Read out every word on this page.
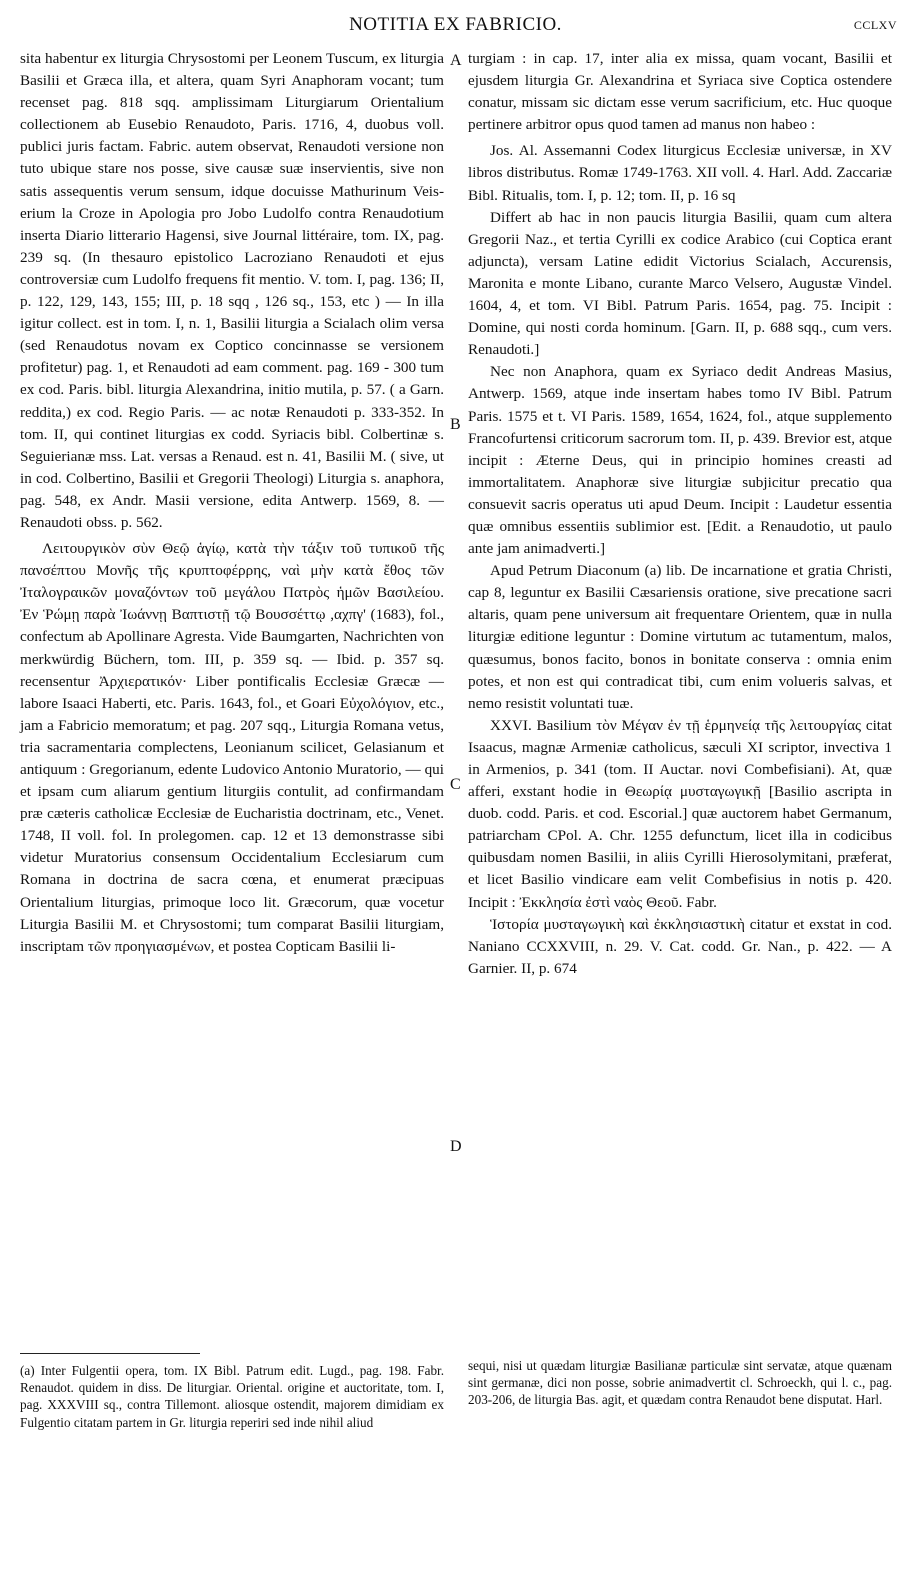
NOTITIA EX FABRICIO.	CCLXV

sita habentur ex liturgia Chrysostomi per Leonem Tuscum, ex liturgia Basilii et Græca illa, et altera, quam Syri Anaphoram vocant; tum recenset pag. 818 sqq. amplissimam Liturgiarum Orientalium collectionem ab Eusebio Renaudoto, Paris. 1716, 4, duobus voll. publici juris factam. Fabric. autem observat, Renaudoti versione non tuto ubique stare nos posse, sive causæ suæ inservientis, sive non satis assequentis verum sensum, idque docuisse Mathurinum Veis-erium la Croze in Apologia pro Jobo Ludolfo contra Renaudotium inserta Diario litterario Hagensi, sive Journal littéraire, tom. IX, pag. 239 sq. (In thesauro epistolico Lacroziano Renaudoti et ejus controversiæ cum Ludolfo frequens fit mentio. V. tom. I, pag. 136; II, p. 122, 129, 143, 155; III, p. 18 sqq , 126 sq., 153, etc ) — In illa igitur collect. est in tom. I, n. 1, Basilii liturgia a Scialach olim versa (sed Renaudotus novam ex Coptico concinnasse se versionem profitetur) pag. 1, et Renaudoti ad eam comment. pag. 169 - 300 tum ex cod. Paris. bibl. liturgia Alexandrina, initio mutila, p. 57. ( a Garn. reddita,) ex cod. Regio Paris. — ac notæ Renaudoti p. 333-352. In tom. II, qui continet liturgias ex codd. Syriacis bibl. Colbertinæ s. Seguierianæ mss. Lat. versas a Renaud. est n. 41, Basilii M. ( sive, ut in cod. Colbertino, Basilii et Gregorii Theologi) Liturgia s. anaphora, pag. 548, ex Andr. Masii versione, edita Antwerp. 1569, 8. — Renaudoti obss. p. 562.

Λειτουργικὸν σὺν Θεῷ ἁγίῳ, κατὰ τὴν τάξιν τοῦ τυπικοῦ τῆς πανσέπτου Μονῆς τῆς κρυπτοφέρρης, ναὶ μὴν κατὰ ἔθος τῶν Ἰταλογραικῶν μοναζόντων τοῦ μεγάλου Πατρὸς ἡμῶν Βασιλείου. Ἐν Ῥώμῃ παρὰ Ἰωάννῃ Βαπτιστῇ τῷ Βουσσέττῳ ,αχπγ' (1683), fol., confectum ab Apollinare Agresta. Vide Baumgarten, Nachrichten von merkwürdig Büchern, tom. III, p. 359 sq. — Ibid. p. 357 sq. recensentur Ἀρχιερατικόν· Liber pontificalis Ecclesiæ Græcæ — labore Isaaci Haberti, etc. Paris. 1643, fol., et Goari Εὐχολόγιον, etc., jam a Fabricio memoratum; et pag. 207 sqq., Liturgia Romana vetus, tria sacramentaria complectens, Leonianum scilicet, Gelasianum et antiquum : Gregorianum, edente Ludovico Antonio Muratorio, — qui et ipsam cum aliarum gentium liturgiis contulit, ad confirmandam præ cæteris catholicæ Ecclesiæ de Eucharistia doctrinam, etc., Venet. 1748, II voll. fol. In prolegomen. cap. 12 et 13 demonstrasse sibi videtur Muratorius consensum Occidentalium Ecclesiarum cum Romana in doctrina de sacra cœna, et enumerat præcipuas Orientalium liturgias, primoque loco lit. Græcorum, quæ vocetur Liturgia Basilii M. et Chrysostomi; tum comparat Basilii liturgiam, inscriptam τῶν προηγιασμένων, et postea Copticam Basilii li-

A
B
C
D

turgiam : in cap. 17, inter alia ex missa, quam vocant, Basilii et ejusdem liturgia Gr. Alexandrina et Syriaca sive Coptica ostendere conatur, missam sic dictam esse verum sacrificium, etc. Huc quoque pertinere arbitror opus quod tamen ad manus non habeo :

Jos. Al. Assemanni Codex liturgicus Ecclesiæ universæ, in XV libros distributus. Romæ 1749-1763. XII voll. 4. Harl. Add. Zaccariæ Bibl. Ritualis, tom. I, p. 12; tom. II, p. 16 sq

Differt ab hac in non paucis liturgia Basilii, quam cum altera Gregorii Naz., et tertia Cyrilli ex codice Arabico (cui Coptica erant adjuncta), versam Latine edidit Victorius Scialach, Accurensis, Maronita e monte Libano, curante Marco Velsero, Augustæ Vindel. 1604, 4, et tom. VI Bibl. Patrum Paris. 1654, pag. 75. Incipit : Domine, qui nosti corda hominum. [Garn. II, p. 688 sqq., cum vers. Renaudoti.]

Nec non Anaphora, quam ex Syriaco dedit Andreas Masius, Antwerp. 1569, atque inde insertam habes tomo IV Bibl. Patrum Paris. 1575 et t. VI Paris. 1589, 1654, 1624, fol., atque supplemento Francofurtensi criticorum sacrorum tom. II, p. 439. Brevior est, atque incipit : Æterne Deus, qui in principio homines creasti ad immortalitatem. Anaphoræ sive liturgiæ subjicitur precatio qua consuevit sacris operatus uti apud Deum. Incipit : Laudetur essentia quæ omnibus essentiis sublimior est. [Edit. a Renaudotio, ut paulo ante jam animadverti.]

Apud Petrum Diaconum (a) lib. De incarnatione et gratia Christi, cap 8, leguntur ex Basilii Cæsariensis oratione, sive precatione sacri altaris, quam pene universum ait frequentare Orientem, quæ in nulla liturgiæ editione leguntur : Domine virtutum ac tutamentum, malos, quæsumus, bonos facito, bonos in bonitate conserva : omnia enim potes, et non est qui contradicat tibi, cum enim volueris salvas, et nemo resistit voluntati tuæ.

XXVI. Basilium τὸν Μέγαν ἐν τῇ ἑρμηνείᾳ τῆς λειτουργίας citat Isaacus, magnæ Armeniæ catholicus, sæculi XI scriptor, invectiva 1 in Armenios, p. 341 (tom. II Auctar. novi Combefisiani). At, quæ afferi, exstant hodie in Θεωρίᾳ μυσταγωγικῇ [Basilio ascripta in duob. codd. Paris. et cod. Escorial.] quæ auctorem habet Germanum, patriarcham CPol. A. Chr. 1255 defunctum, licet illa in codicibus quibusdam nomen Basilii, in aliis Cyrilli Hierosolymitani, præferat, et licet Basilio vindicare eam velit Combefisius in notis p. 420. Incipit : Ἐκκλησία ἐστὶ ναὸς Θεοῦ. Fabr.

Ἱστορία μυσταγωγικὴ καὶ ἐκκλησιαστικὴ citatur et exstat in cod. Naniano CCXXVIII, n. 29. V. Cat. codd. Gr. Nan., p. 422. — A Garnier. II, p. 674

(a) Inter Fulgentii opera, tom. IX Bibl. Patrum edit. Lugd., pag. 198. Fabr. Renaudot. quidem in diss. De liturgiar. Oriental. origine et auctoritate, tom. I, pag. XXXVIII sq., contra Tillemont. aliosque ostendit, majorem dimidiam ex Fulgentio citatam partem in Gr. liturgia reperiri sed inde nihil aliud
sequi, nisi ut quædam liturgiæ Basilianæ particulæ sint servatæ, atque quænam sint germanæ, dici non posse, sobrie animadvertit cl. Schroeckh, qui l. c., pag. 203-206, de liturgia Bas. agit, et quædam contra Renaudot bene disputat. Harl.
